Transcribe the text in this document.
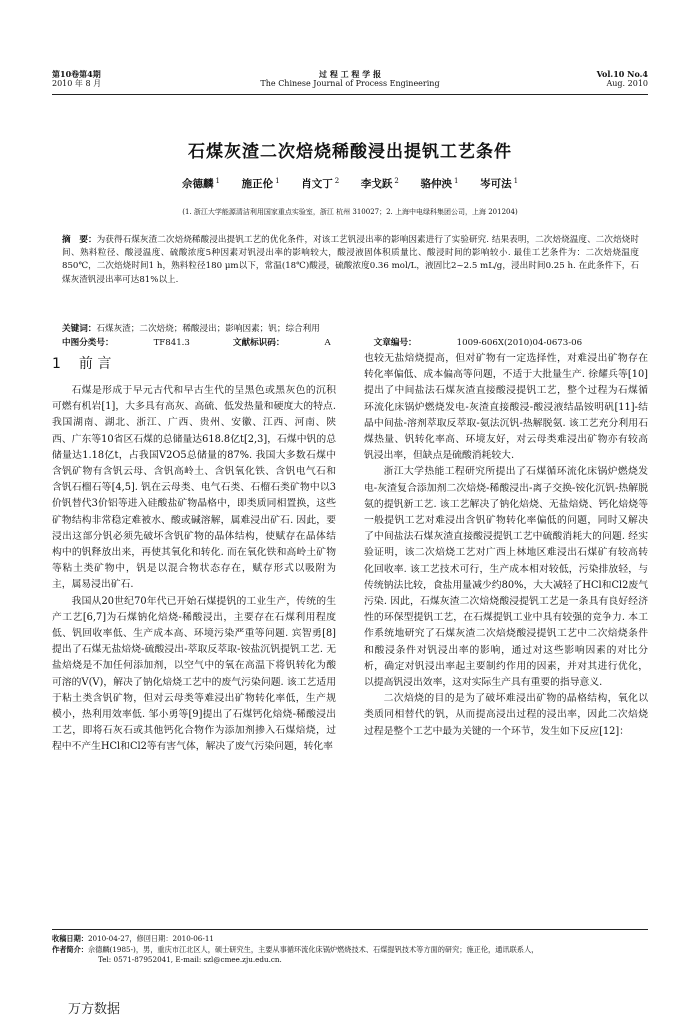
第10卷第4期
2010 年 8 月
过 程 工 程 学 报
The Chinese Journal of Process Engineering
Vol.10 No.4
Aug. 2010
石煤灰渣二次焙烧稀酸浸出提钒工艺条件
佘德麟 $^1$ 施正伦 $^1$ 肖文丁 $^2$ 李戈跃 $^2$ 骆仲泱 $^1$ 岑可法 $^1$
(1. 浙江大学能源清洁利用国家重点实验室，浙江 杭州 310027；2. 上海中电绿科集团公司，上海 201204)
摘　要：为获得石煤灰渣二次焙烧稀酸浸出提钒工艺的优化条件，对该工艺钒浸出率的影响因素进行了实验研究. 结果表明，二次焙烧温度、二次焙烧时间、熟料粒径、酸浸温度、硫酸浓度5种因素对钒浸出率的影响较大，酸浸液固体积质量比、酸浸时间的影响较小. 最佳工艺条件为：二次焙烧温度850℃，二次焙烧时间1 h，熟料粒径180 μm以下，常温(18℃)酸浸，硫酸浓度0.36 mol/L，液固比2~2.5 mL/g，浸出时间0.25 h. 在此条件下，石煤灰渣钒浸出率可达81%以上.
关键词：石煤灰渣；二次焙烧；稀酸浸出；影响因素；钒；综合利用
中图分类号：	TF841.3	文献标识码：	A	文章编号：	1009-606X(2010)04-0673-06
1 前 言

石煤是形成于早元古代和早古生代的呈黑色或黑灰色的沉积可燃有机岩[1]，大多具有高灰、高硫、低发热量和硬度大的特点. 我国湖南、湖北、浙江、广西、贵州、安徽、江西、河南、陕西、广东等10省区石煤的总储量达618.8亿t[2,3]，石煤中钒的总储量达1.18亿t，占我国V2O5总储量的87%. 我国大多数石煤中含钒矿物有含钒云母、含钒高岭土、含钒氧化铁、含钒电气石和含钒石榴石等[4,5]. 钒在云母类、电气石类、石榴石类矿物中以3价钒替代3价铝等进入硅酸盐矿物晶格中，即类质同相置换，这些矿物结构非常稳定难被水、酸或碱溶解，属难浸出矿石. 因此，要浸出这部分钒必须先破坏含钒矿物的晶体结构，使赋存在晶体结构中的钒释放出来，再使其氧化和转化. 而在氧化铁和高岭土矿物等粘土类矿物中，钒是以混合物状态存在，赋存形式以吸附为主，属易浸出矿石.

我国从20世纪70年代已开始石煤提钒的工业生产，传统的生产工艺[6,7]为石煤钠化焙烧-稀酸浸出，主要存在石煤利用程度低、钒回收率低、生产成本高、环境污染严重等问题. 宾智勇[8]提出了石煤无盐焙烧-硫酸浸出-萃取反萃取-铵盐沉钒提钒工艺. 无盐焙烧是不加任何添加剂，以空气中的氧在高温下将钒转化为酸可溶的V(V)，解决了钠化焙烧工艺中的废气污染问题. 该工艺适用于粘土类含钒矿物，但对云母类等难浸出矿物转化率低，生产规模小，热利用效率低. 邹小勇等[9]提出了石煤钙化焙烧-稀酸浸出工艺，即将石灰石或其他钙化合物作为添加剂掺入石煤焙烧，过程中不产生HCl和Cl2等有害气体，解决了废气污染问题，转化率

也较无盐焙烧提高，但对矿物有一定选择性，对难浸出矿物存在转化率偏低、成本偏高等问题，不适于大批量生产. 徐耀兵等[10]提出了中间盐法石煤灰渣直接酸浸提钒工艺，整个过程为石煤循环流化床锅炉燃烧发电-灰渣直接酸浸-酸浸液结晶铵明矾[11]-结晶中间盐-溶剂萃取反萃取-氨法沉钒-热解脱氨. 该工艺充分利用石煤热量、钒转化率高、环境友好，对云母类难浸出矿物亦有较高钒浸出率，但缺点是硫酸消耗较大.

浙江大学热能工程研究所提出了石煤循环流化床锅炉燃烧发电-灰渣复合添加剂二次焙烧-稀酸浸出-离子交换-铵化沉钒-热解脱氨的提钒新工艺. 该工艺解决了钠化焙烧、无盐焙烧、钙化焙烧等一般提钒工艺对难浸出含钒矿物转化率偏低的问题，同时又解决了中间盐法石煤灰渣直接酸浸提钒工艺中硫酸消耗大的问题. 经实验证明，该二次焙烧工艺对广西上林地区难浸出石煤矿有较高转化回收率. 该工艺技术可行，生产成本相对较低，污染排放轻，与传统钠法比较，食盐用量减少约80%，大大减轻了HCl和Cl2废气污染. 因此，石煤灰渣二次焙烧酸浸提钒工艺是一条具有良好经济性的环保型提钒工艺，在石煤提钒工业中具有较强的竞争力. 本工作系统地研究了石煤灰渣二次焙烧酸浸提钒工艺中二次焙烧条件和酸浸条件对钒浸出率的影响，通过对这些影响因素的对比分析，确定对钒浸出率起主要制约作用的因素，并对其进行优化，以提高钒浸出效率，这对实际生产具有重要的指导意义.

二次焙烧的目的是为了破坏难浸出矿物的晶格结构，氧化以类质同相替代的钒，从而提高浸出过程的浸出率，因此二次焙烧过程是整个工艺中最为关键的一个环节，发生如下反应[12]：

收稿日期：2010-04-27，修回日期：2010-06-11
作者简介：佘德麟(1985-)，男，重庆市江北区人，硕士研究生，主要从事循环流化床锅炉燃烧技术、石煤提钒技术等方面的研究；施正伦，通讯联系人，
Tel: 0571-87952041, E-mail: szl@cmee.zju.edu.cn.
万方数据
